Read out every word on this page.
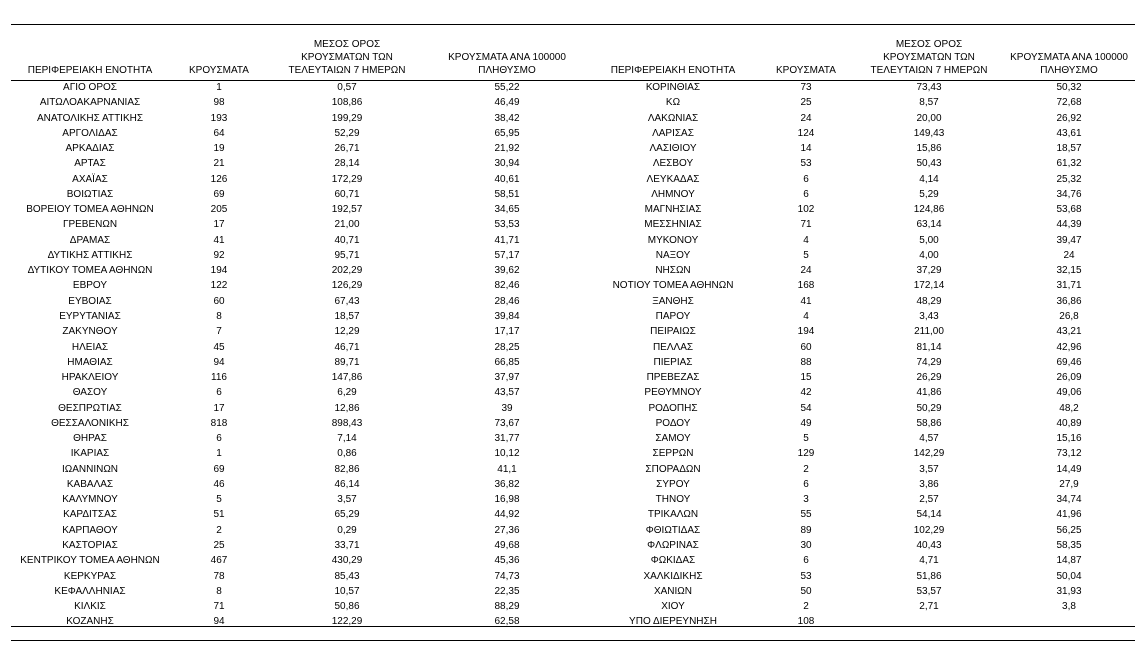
ΠΕΡΙΦΕΡΕΙΑΚΗ ΕΝΟΤΗΤΑ	ΚΡΟΥΣΜΑΤΑ	ΜΕΣΟΣ ΟΡΟΣ ΚΡΟΥΣΜΑΤΩΝ ΤΩΝ ΤΕΛΕΥΤΑΙΩΝ 7 ΗΜΕΡΩΝ	ΚΡΟΥΣΜΑΤΑ ΑΝΑ 100000 ΠΛΗΘΥΣΜΟ	ΠΕΡΙΦΕΡΕΙΑΚΗ ΕΝΟΤΗΤΑ	ΚΡΟΥΣΜΑΤΑ	ΜΕΣΟΣ ΟΡΟΣ ΚΡΟΥΣΜΑΤΩΝ ΤΩΝ ΤΕΛΕΥΤΑΙΩΝ 7 ΗΜΕΡΩΝ	ΚΡΟΥΣΜΑΤΑ ΑΝΑ 100000 ΠΛΗΘΥΣΜΟ
ΑΓΙΟ ΟΡΟΣ	1	0,57	55,22	ΚΟΡΙΝΘΙΑΣ	73	73,43	50,32
ΑΙΤΩΛΟΑΚΑΡΝΑΝΙΑΣ	98	108,86	46,49	ΚΩ	25	8,57	72,68
ΑΝΑΤΟΛΙΚΗΣ ΑΤΤΙΚΗΣ	193	199,29	38,42	ΛΑΚΩΝΙΑΣ	24	20,00	26,92
ΑΡΓΟΛΙΔΑΣ	64	52,29	65,95	ΛΑΡΙΣΑΣ	124	149,43	43,61
ΑΡΚΑΔΙΑΣ	19	26,71	21,92	ΛΑΣΙΘΙΟΥ	14	15,86	18,57
ΑΡΤΑΣ	21	28,14	30,94	ΛΕΣΒΟΥ	53	50,43	61,32
ΑΧΑΪΑΣ	126	172,29	40,61	ΛΕΥΚΑΔΑΣ	6	4,14	25,32
ΒΟΙΩΤΙΑΣ	69	60,71	58,51	ΛΗΜΝΟΥ	6	5,29	34,76
ΒΟΡΕΙΟΥ ΤΟΜΕΑ ΑΘΗΝΩΝ	205	192,57	34,65	ΜΑΓΝΗΣΙΑΣ	102	124,86	53,68
ΓΡΕΒΕΝΩΝ	17	21,00	53,53	ΜΕΣΣΗΝΙΑΣ	71	63,14	44,39
ΔΡΑΜΑΣ	41	40,71	41,71	ΜΥΚΟΝΟΥ	4	5,00	39,47
ΔΥΤΙΚΗΣ ΑΤΤΙΚΗΣ	92	95,71	57,17	ΝΑΞΟΥ	5	4,00	24
ΔΥΤΙΚΟΥ ΤΟΜΕΑ ΑΘΗΝΩΝ	194	202,29	39,62	ΝΗΣΩΝ	24	37,29	32,15
ΕΒΡΟΥ	122	126,29	82,46	ΝΟΤΙΟΥ ΤΟΜΕΑ ΑΘΗΝΩΝ	168	172,14	31,71
ΕΥΒΟΙΑΣ	60	67,43	28,46	ΞΑΝΘΗΣ	41	48,29	36,86
ΕΥΡΥΤΑΝΙΑΣ	8	18,57	39,84	ΠΑΡΟΥ	4	3,43	26,8
ΖΑΚΥΝΘΟΥ	7	12,29	17,17	ΠΕΙΡΑΙΩΣ	194	211,00	43,21
ΗΛΕΙΑΣ	45	46,71	28,25	ΠΕΛΛΑΣ	60	81,14	42,96
ΗΜΑΘΙΑΣ	94	89,71	66,85	ΠΙΕΡΙΑΣ	88	74,29	69,46
ΗΡΑΚΛΕΙΟΥ	116	147,86	37,97	ΠΡΕΒΕΖΑΣ	15	26,29	26,09
ΘΑΣΟΥ	6	6,29	43,57	ΡΕΘΥΜΝΟΥ	42	41,86	49,06
ΘΕΣΠΡΩΤΙΑΣ	17	12,86	39	ΡΟΔΟΠΗΣ	54	50,29	48,2
ΘΕΣΣΑΛΟΝΙΚΗΣ	818	898,43	73,67	ΡΟΔΟΥ	49	58,86	40,89
ΘΗΡΑΣ	6	7,14	31,77	ΣΑΜΟΥ	5	4,57	15,16
ΙΚΑΡΙΑΣ	1	0,86	10,12	ΣΕΡΡΩΝ	129	142,29	73,12
ΙΩΑΝΝΙΝΩΝ	69	82,86	41,1	ΣΠΟΡΑΔΩΝ	2	3,57	14,49
ΚΑΒΑΛΑΣ	46	46,14	36,82	ΣΥΡΟΥ	6	3,86	27,9
ΚΑΛΥΜΝΟΥ	5	3,57	16,98	ΤΗΝΟΥ	3	2,57	34,74
ΚΑΡΔΙΤΣΑΣ	51	65,29	44,92	ΤΡΙΚΑΛΩΝ	55	54,14	41,96
ΚΑΡΠΑΘΟΥ	2	0,29	27,36	ΦΘΙΩΤΙΔΑΣ	89	102,29	56,25
ΚΑΣΤΟΡΙΑΣ	25	33,71	49,68	ΦΛΩΡΙΝΑΣ	30	40,43	58,35
ΚΕΝΤΡΙΚΟΥ ΤΟΜΕΑ ΑΘΗΝΩΝ	467	430,29	45,36	ΦΩΚΙΔΑΣ	6	4,71	14,87
ΚΕΡΚΥΡΑΣ	78	85,43	74,73	ΧΑΛΚΙΔΙΚΗΣ	53	51,86	50,04
ΚΕΦΑΛΛΗΝΙΑΣ	8	10,57	22,35	ΧΑΝΙΩΝ	50	53,57	31,93
ΚΙΛΚΙΣ	71	50,86	88,29	ΧΙΟΥ	2	2,71	3,8
ΚΟΖΑΝΗΣ	94	122,29	62,58	ΥΠΟ ΔΙΕΡΕΥΝΗΣΗ	108		
